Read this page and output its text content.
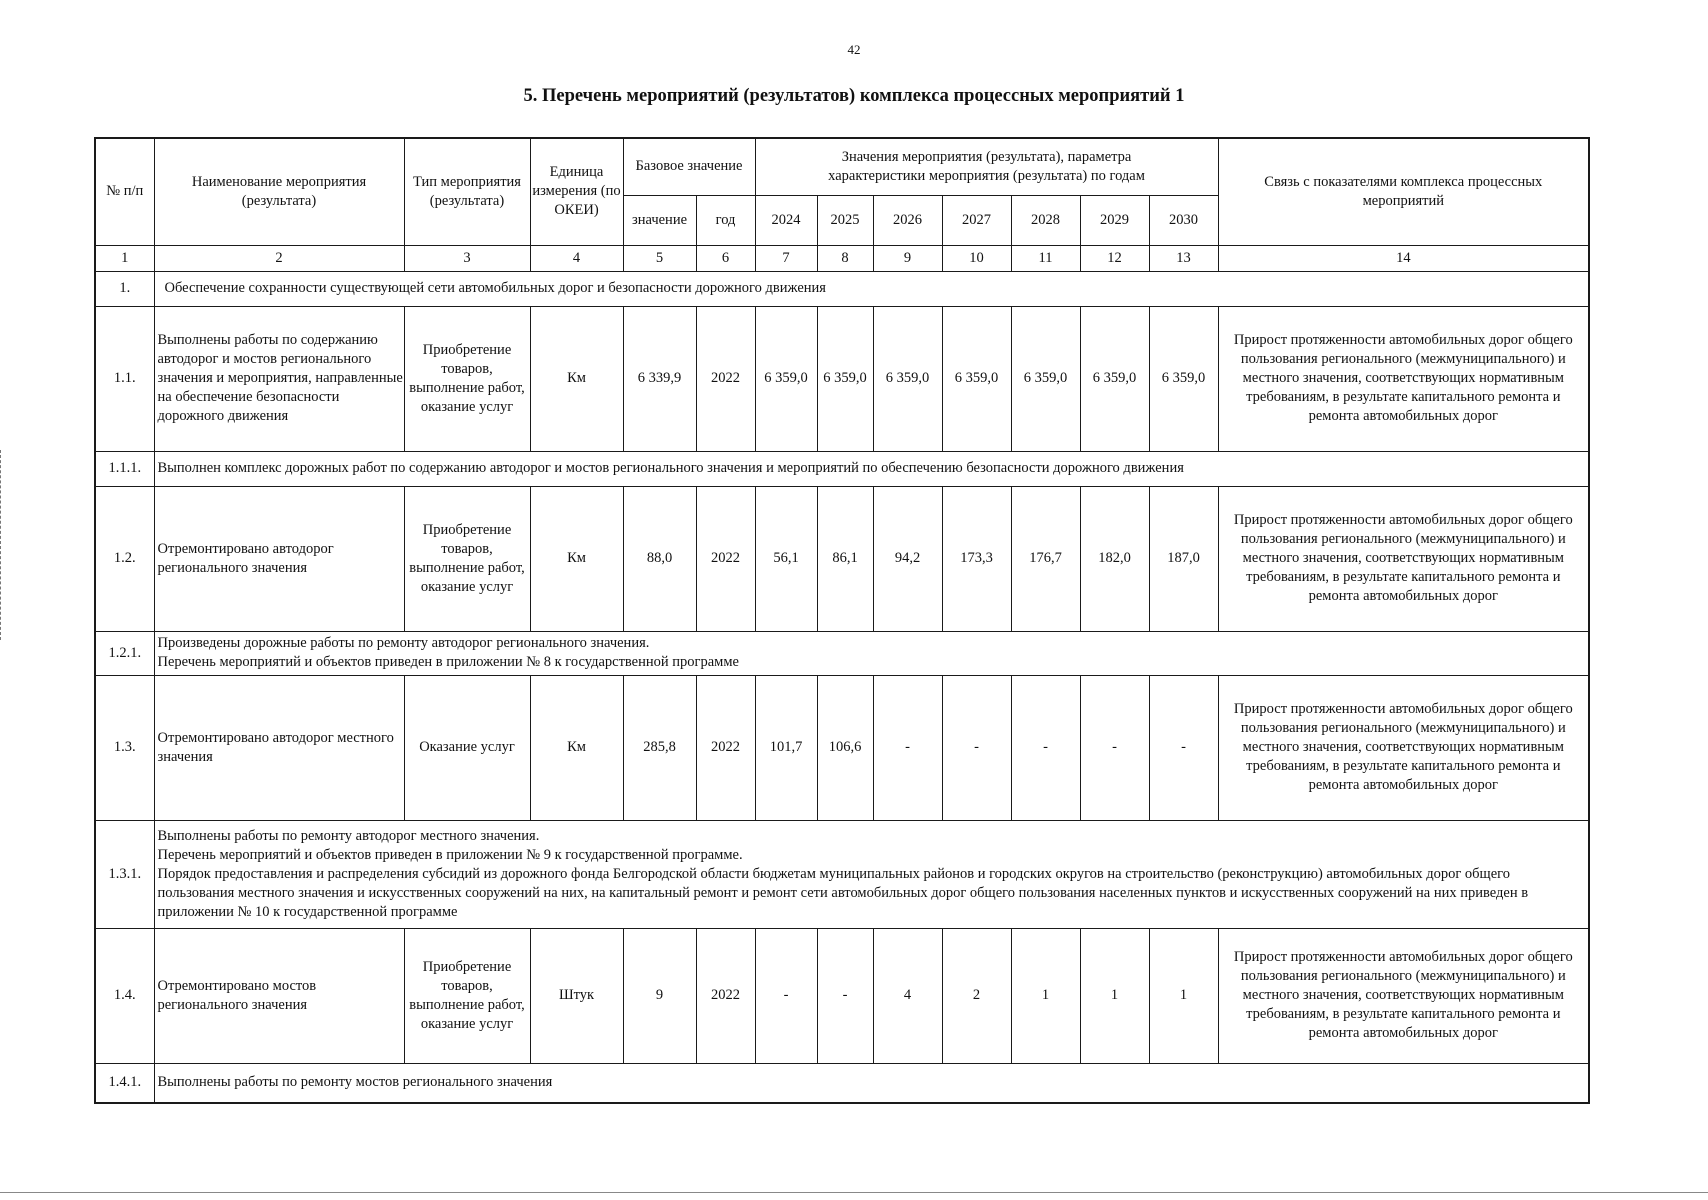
42
5. Перечень мероприятий (результатов) комплекса процессных мероприятий 1
№ п/п	Наименование мероприятия (результата)	Тип мероприятия (результата)	Единица измерения (по ОКЕИ)	Базовое значение		Значения мероприятия (результата), параметра характеристики мероприятия (результата) по годам							Связь с показателями комплекса процессных мероприятий
				значение	год	2024	2025	2026	2027	2028	2029	2030	
1	2	3	4	5	6	7	8	9	10	11	12	13	14
1.	Обеспечение сохранности существующей сети автомобильных дорог и безопасности дорожного движения												
1.1.	Выполнены работы по содержанию автодорог и мостов регионального значения и мероприятия, направленные на обеспечение безопасности дорожного движения	Приобретение товаров, выполнение работ, оказание услуг	Км	6 339,9	2022	6 359,0	6 359,0	6 359,0	6 359,0	6 359,0	6 359,0	6 359,0	Прирост протяженности автомобильных дорог общего пользования регионального (межмуниципального) и местного значения, соответствующих нормативным требованиям, в результате капитального ремонта и ремонта автомобильных дорог
1.1.1.	Выполнен комплекс дорожных работ по содержанию автодорог и мостов регионального значения и мероприятий по обеспечению безопасности дорожного движения												
1.2.	Отремонтировано автодорог регионального значения	Приобретение товаров, выполнение работ, оказание услуг	Км	88,0	2022	56,1	86,1	94,2	173,3	176,7	182,0	187,0	Прирост протяженности автомобильных дорог общего пользования регионального (межмуниципального) и местного значения, соответствующих нормативным требованиям, в результате капитального ремонта и ремонта автомобильных дорог
1.2.1.	Произведены дорожные работы по ремонту автодорог регионального значения.
Перечень мероприятий и объектов приведен в приложении № 8 к государственной программе												

1.3.	Отремонтировано автодорог местного значения	Оказание услуг	Км	285,8	2022	101,7	106,6	-	-	-	-	-	Прирост протяженности автомобильных дорог общего пользования регионального (межмуниципального) и местного значения, соответствующих нормативным требованиям, в результате капитального ремонта и ремонта автомобильных дорог
1.3.1.	Выполнены работы по ремонту автодорог местного значения.
Перечень мероприятий и объектов приведен в приложении № 9 к государственной программе.
Порядок предоставления и распределения субсидий из дорожного фонда Белгородской области бюджетам муниципальных районов и городских округов на строительство (реконструкцию) автомобильных дорог общего пользования местного значения и искусственных сооружений на них, на капитальный ремонт и ремонт сети автомобильных дорог общего пользования населенных пунктов и искусственных сооружений на них приведен в приложении № 10 к государственной программе												

1.4.	Отремонтировано мостов регионального значения	Приобретение товаров, выполнение работ, оказание услуг	Штук	9	2022	-	-	4	2	1	1	1	Прирост протяженности автомобильных дорог общего пользования регионального (межмуниципального) и местного значения, соответствующих нормативным требованиям, в результате капитального ремонта и ремонта автомобильных дорог
1.4.1.	Выполнены работы по ремонту мостов регионального значения												
